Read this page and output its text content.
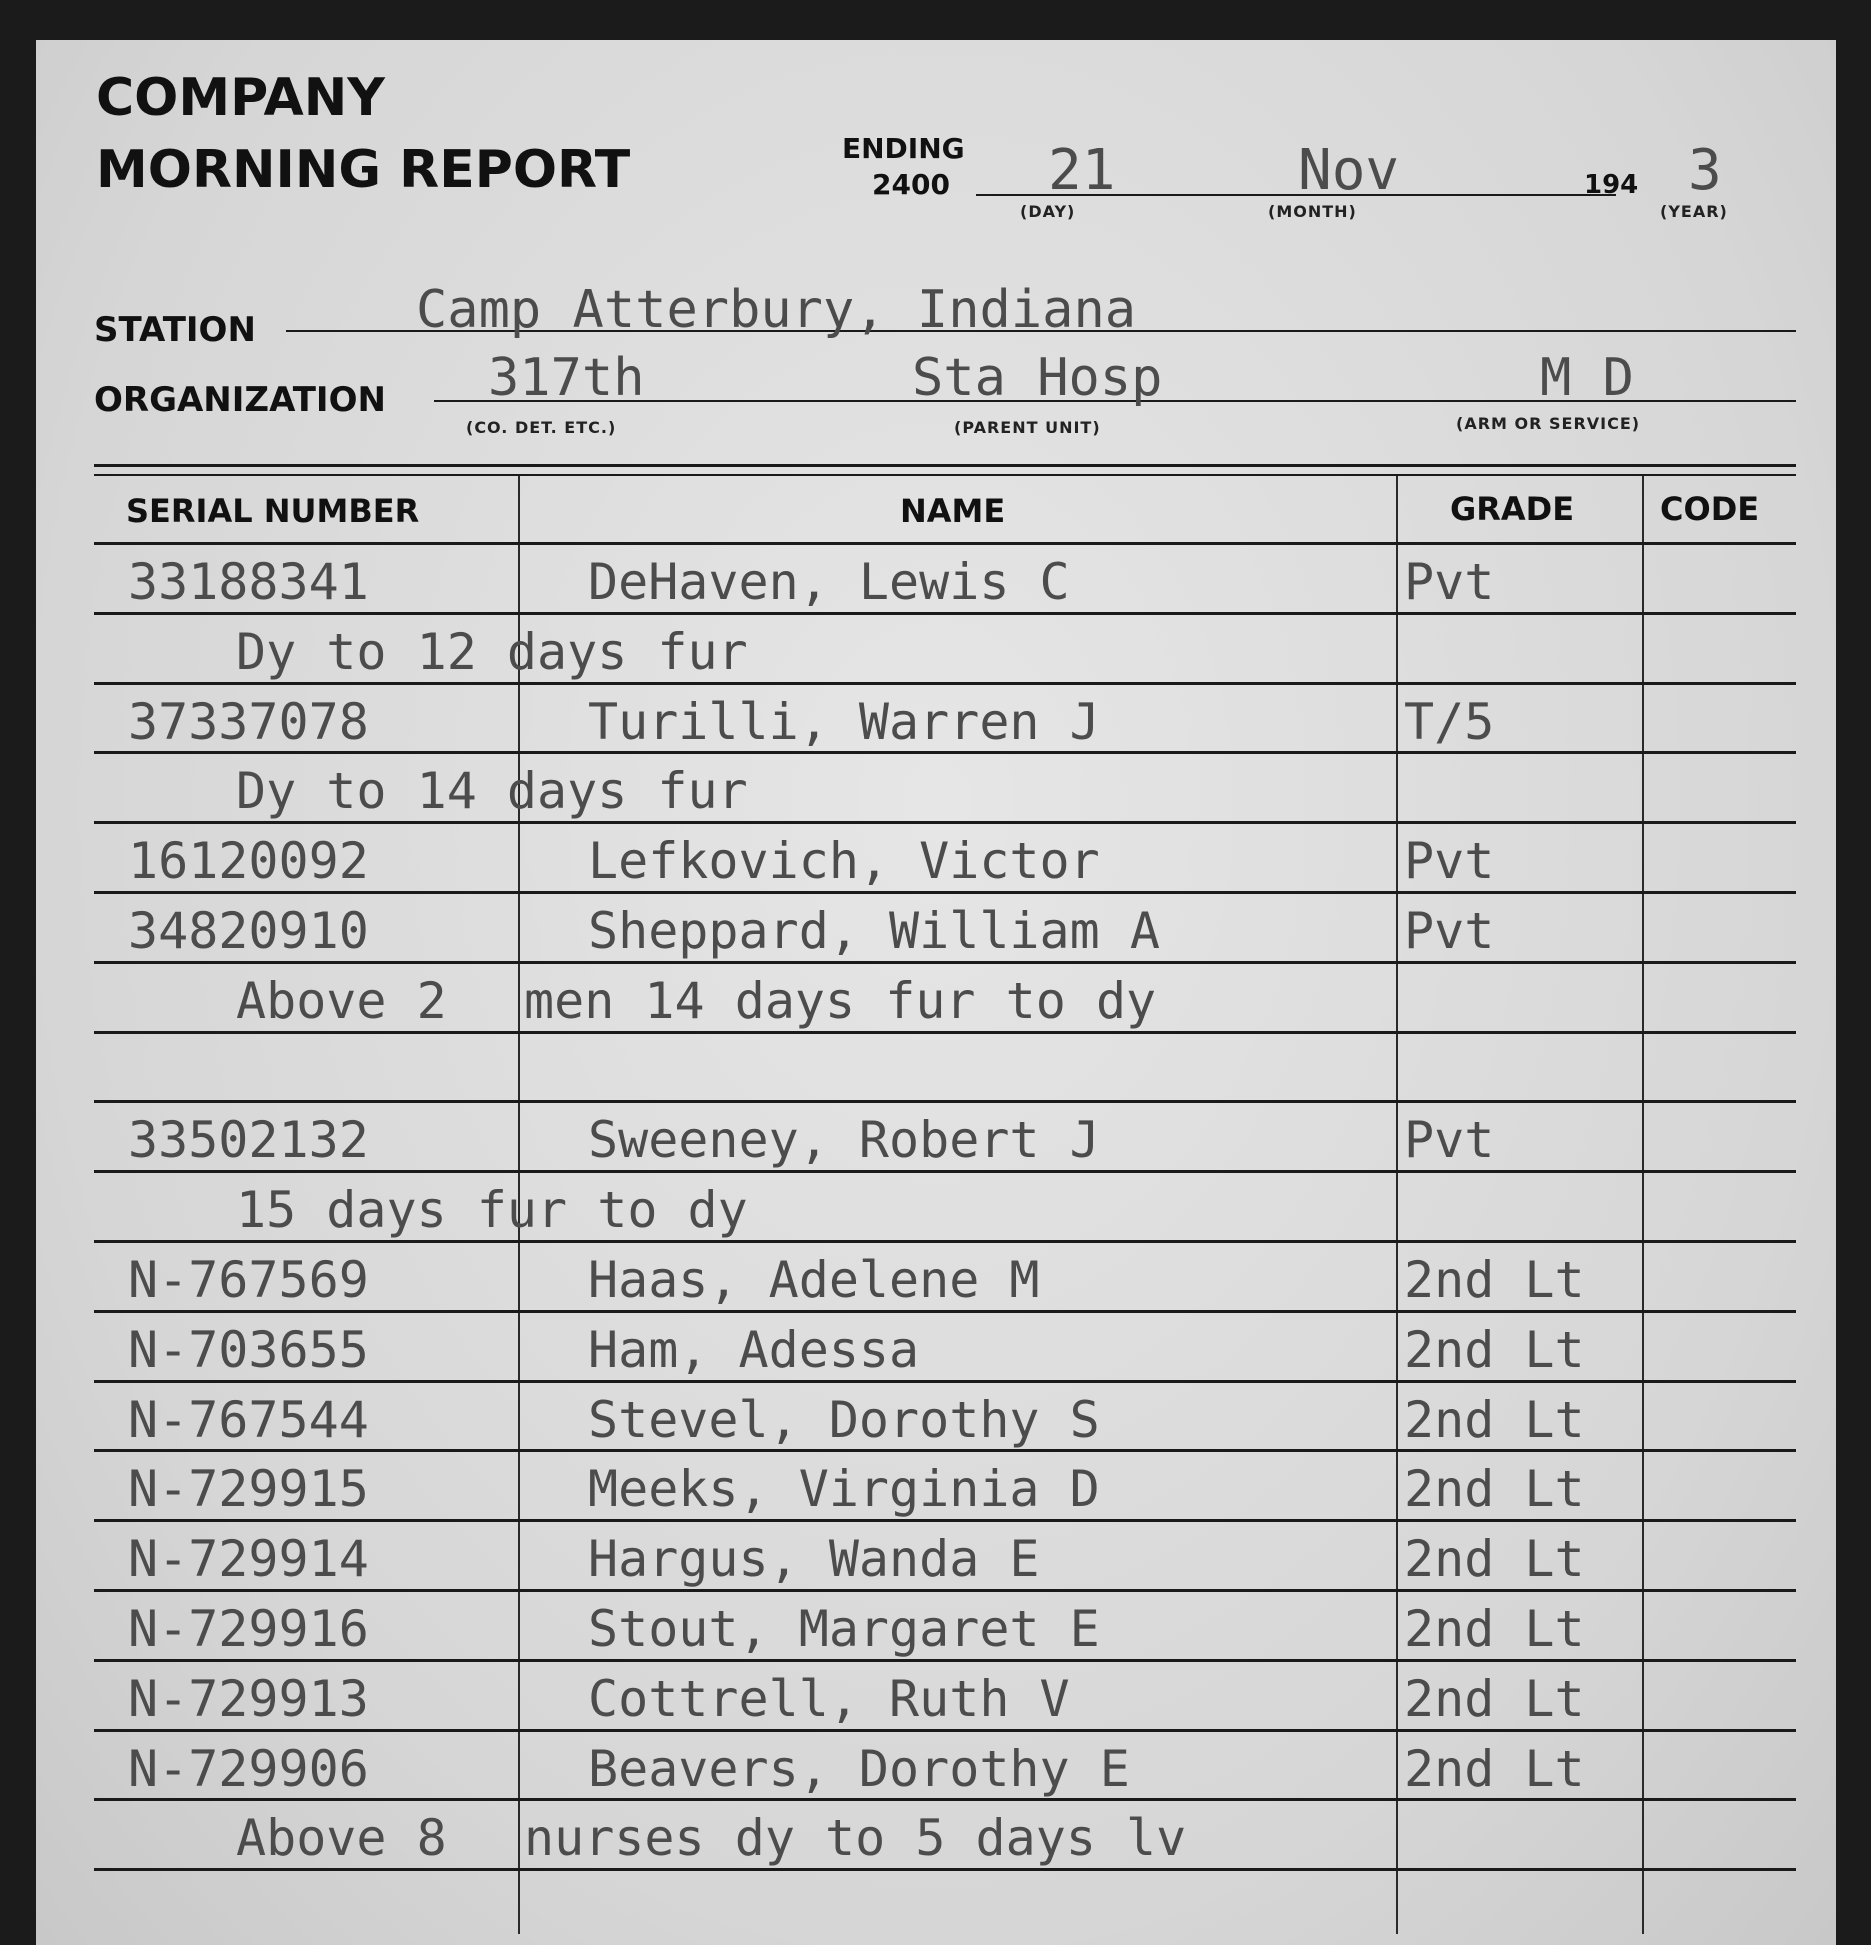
COMPANY
MORNING REPORT	ENDING
2400 21
(DAY)
Nov
(MONTH)
194 3
(YEAR)
STATION	Camp Atterbury, Indiana
ORGANIZATION 317th
(CO. DET. ETC.)
Sta Hosp
(PARENT UNIT)
M D
(ARM OR SERVICE)
SERIAL NUMBER	NAME	GRADE	CODE
33188341	DeHaven, Lewis C	Pvt
Dy to 12 days fur
37337078	Turilli, Warren J	T/5
Dy to 14 days fur
16120092	Lefkovich, Victor	Pvt
34820910	Sheppard, William A	Pvt
Above 2 men 14 days fur to dy
33502132	Sweeney, Robert J	Pvt
15 days fur to dy
N-767569	Haas, Adelene M	2nd Lt
N-703655	Ham, Adessa	2nd Lt
N-767544	Stevel, Dorothy S	2nd Lt
N-729915	Meeks, Virginia D	2nd Lt
N-729914	Hargus, Wanda E	2nd Lt
N-729916	Stout, Margaret E	2nd Lt
N-729913	Cottrell, Ruth V	2nd Lt
N-729906	Beavers, Dorothy E	2nd Lt
Above 8 nurses dy to 5 days lv
